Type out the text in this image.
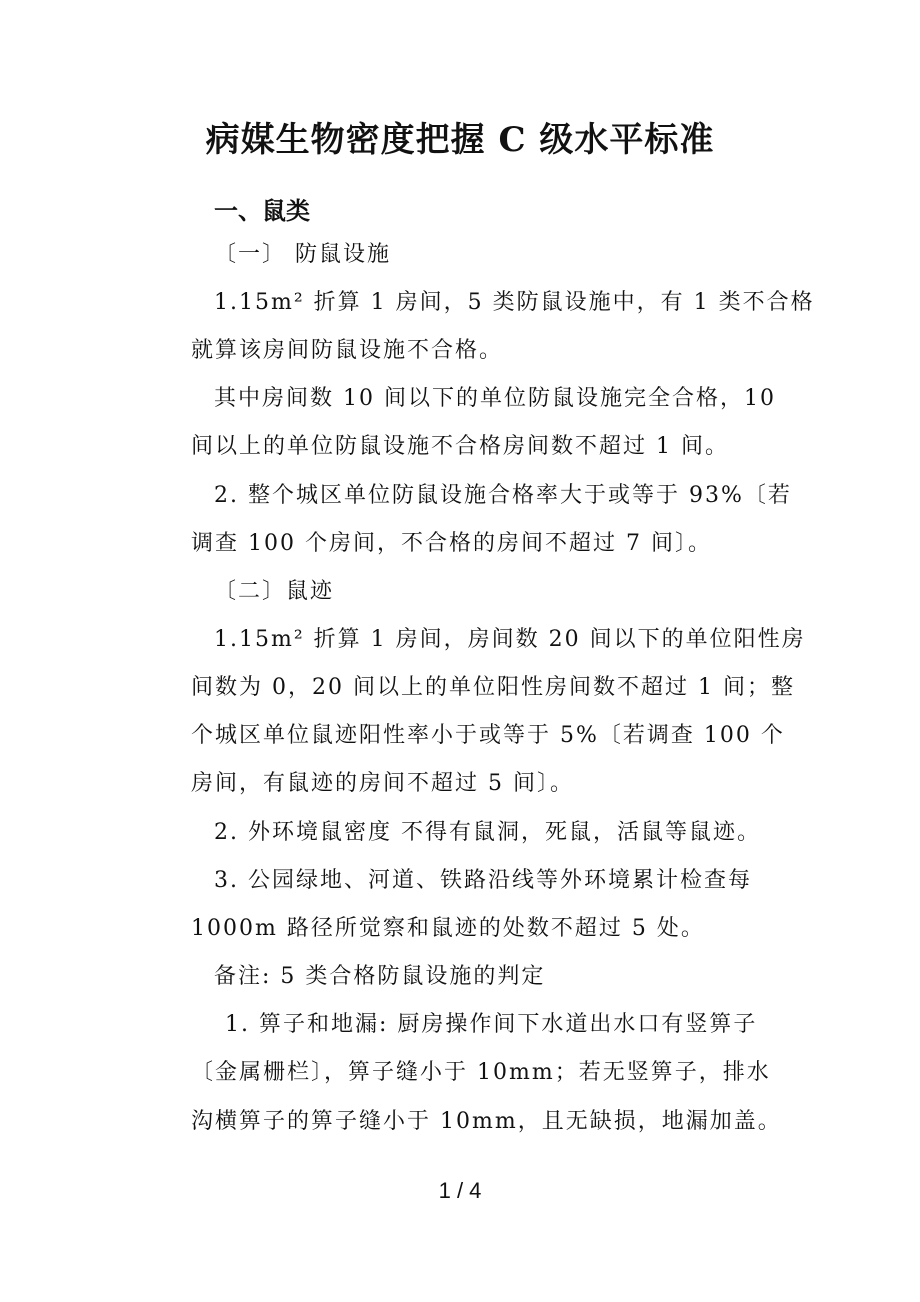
病媒生物密度把握 C 级水平标准
一、鼠类
〔一〕 防鼠设施
1.15m² 折算 1 房间，5 类防鼠设施中，有 1 类不合格
就算该房间防鼠设施不合格。
其中房间数 10 间以下的单位防鼠设施完全合格，10
间以上的单位防鼠设施不合格房间数不超过 1 间。
2. 整个城区单位防鼠设施合格率大于或等于 93%〔若
调查 100 个房间，不合格的房间不超过 7 间〕。
〔二〕鼠迹
1.15m² 折算 1 房间，房间数 20 间以下的单位阳性房
间数为 0，20 间以上的单位阳性房间数不超过 1 间；整
个城区单位鼠迹阳性率小于或等于 5%〔若调查 100 个
房间，有鼠迹的房间不超过 5 间〕。
2. 外环境鼠密度 不得有鼠洞，死鼠，活鼠等鼠迹。
3. 公园绿地、河道、铁路沿线等外环境累计检查每
1000m 路径所觉察和鼠迹的处数不超过 5 处。
备注: 5 类合格防鼠设施的判定
1. 箅子和地漏: 厨房操作间下水道出水口有竖箅子
〔金属栅栏〕，箅子缝小于 10mm；若无竖箅子，排水
沟横箅子的箅子缝小于 10mm，且无缺损，地漏加盖。
1 / 4
